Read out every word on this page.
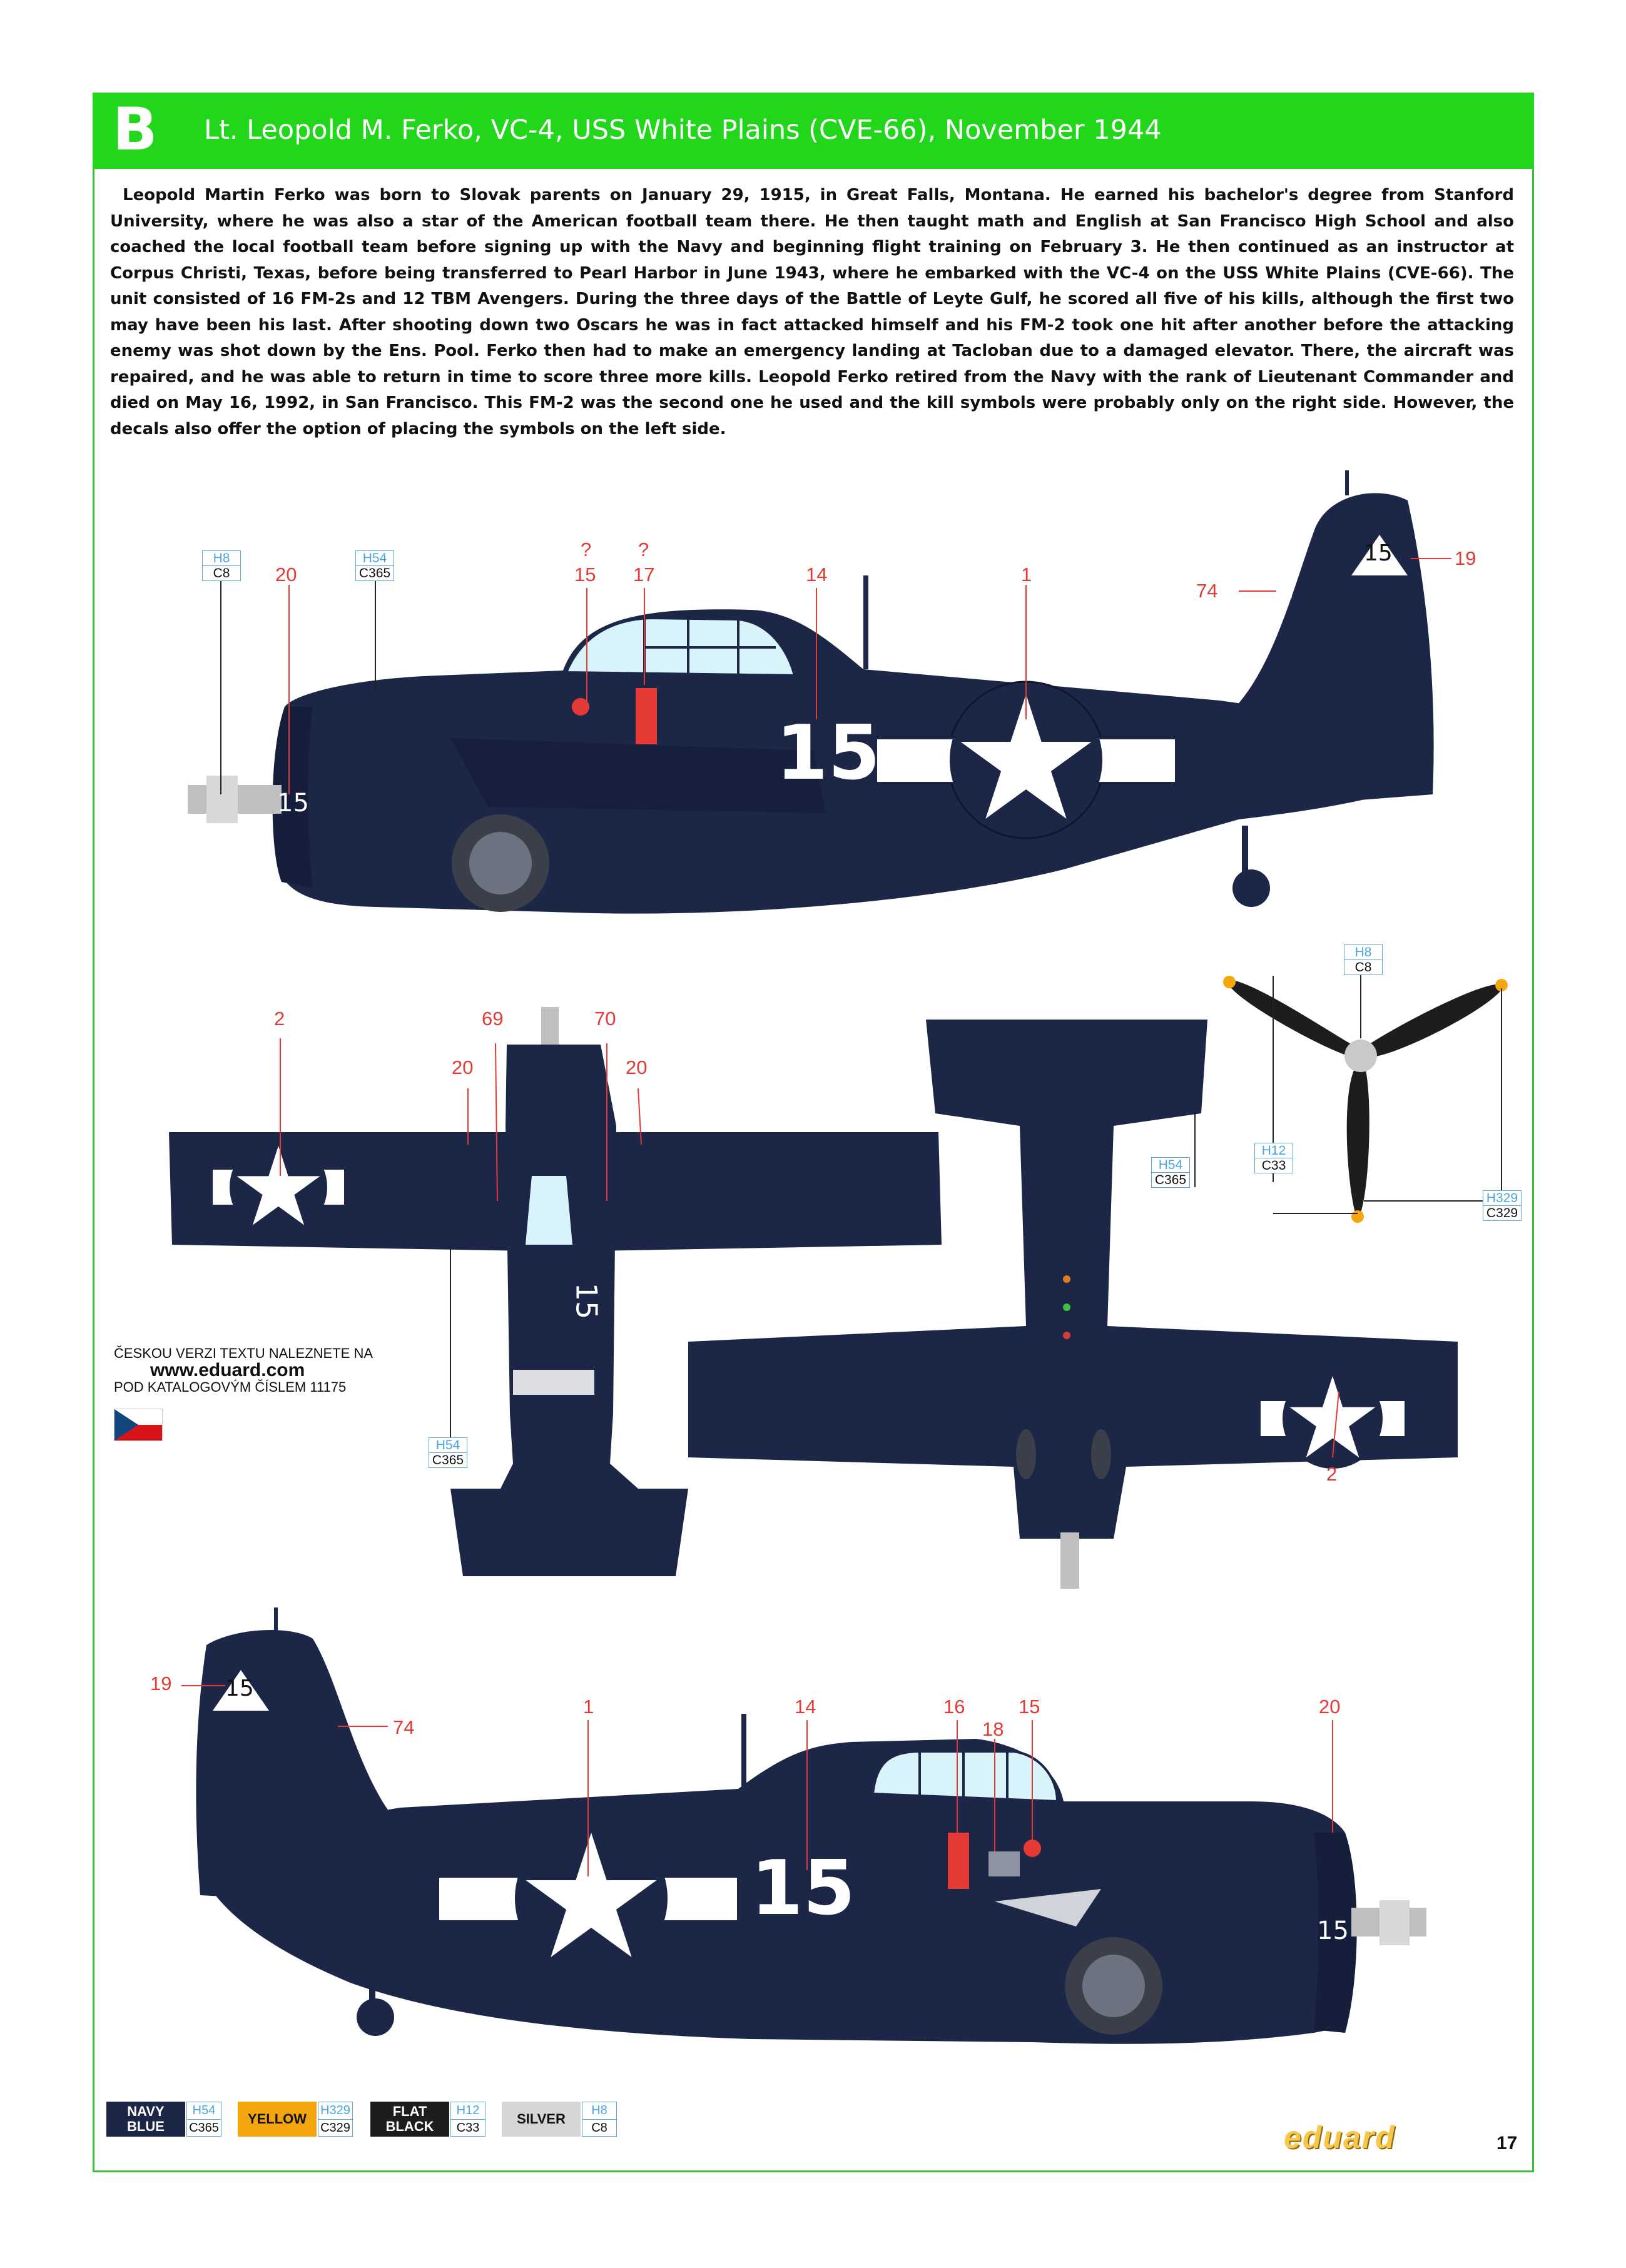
B Lt. Leopold M. Ferko, VC-4, USS White Plains (CVE-66), November 1944

Leopold Martin Ferko was born to Slovak parents on January 29, 1915, in Great Falls, Montana. He earned his bachelor's degree from Stanford University, where he was also a star of the American football team there. He then taught math and English at San Francisco High School and also coached the local football team before signing up with the Navy and beginning flight training on February 3. He then continued as an instructor at Corpus Christi, Texas, before being transferred to Pearl Harbor in June 1943, where he embarked with the VC-4 on the USS White Plains (CVE-66). The unit consisted of 16 FM-2s and 12 TBM Avengers. During the three days of the Battle of Leyte Gulf, he scored all five of his kills, although the first two may have been his last. After shooting down two Oscars he was in fact attacked himself and his FM-2 took one hit after another before the attacking enemy was shot down by the Ens. Pool. Ferko then had to make an emergency landing at Tacloban due to a damaged elevator. There, the aircraft was repaired, and he was able to return in time to score three more kills. Leopold Ferko retired from the Navy with the rank of Lieutenant Commander and died on May 16, 1992, in San Francisco. This FM-2 was the second one he used and the kill symbols were probably only on the right side. However, the decals also offer the option of placing the symbols on the left side.

15
15
15
15	15
15
15
20
? ?
15 17	14	1
74
19
H8
C8
H54
C365
2	69	70
20	20
H54
C365
2
H54
C365
H8
C8
H12
C33
H329
C329
19
74
1	14	16
18
15	20
ČESKOU VERZI TEXTU NALEZNETE NA
www.eduard.com
POD KATALOGOVÝM ČÍSLEM 11175
NAVY
BLUE
H54
C365
YELLOW
H329
C329
FLAT
BLACK
H12
C33
SILVER
H8
C8	eduard	17
